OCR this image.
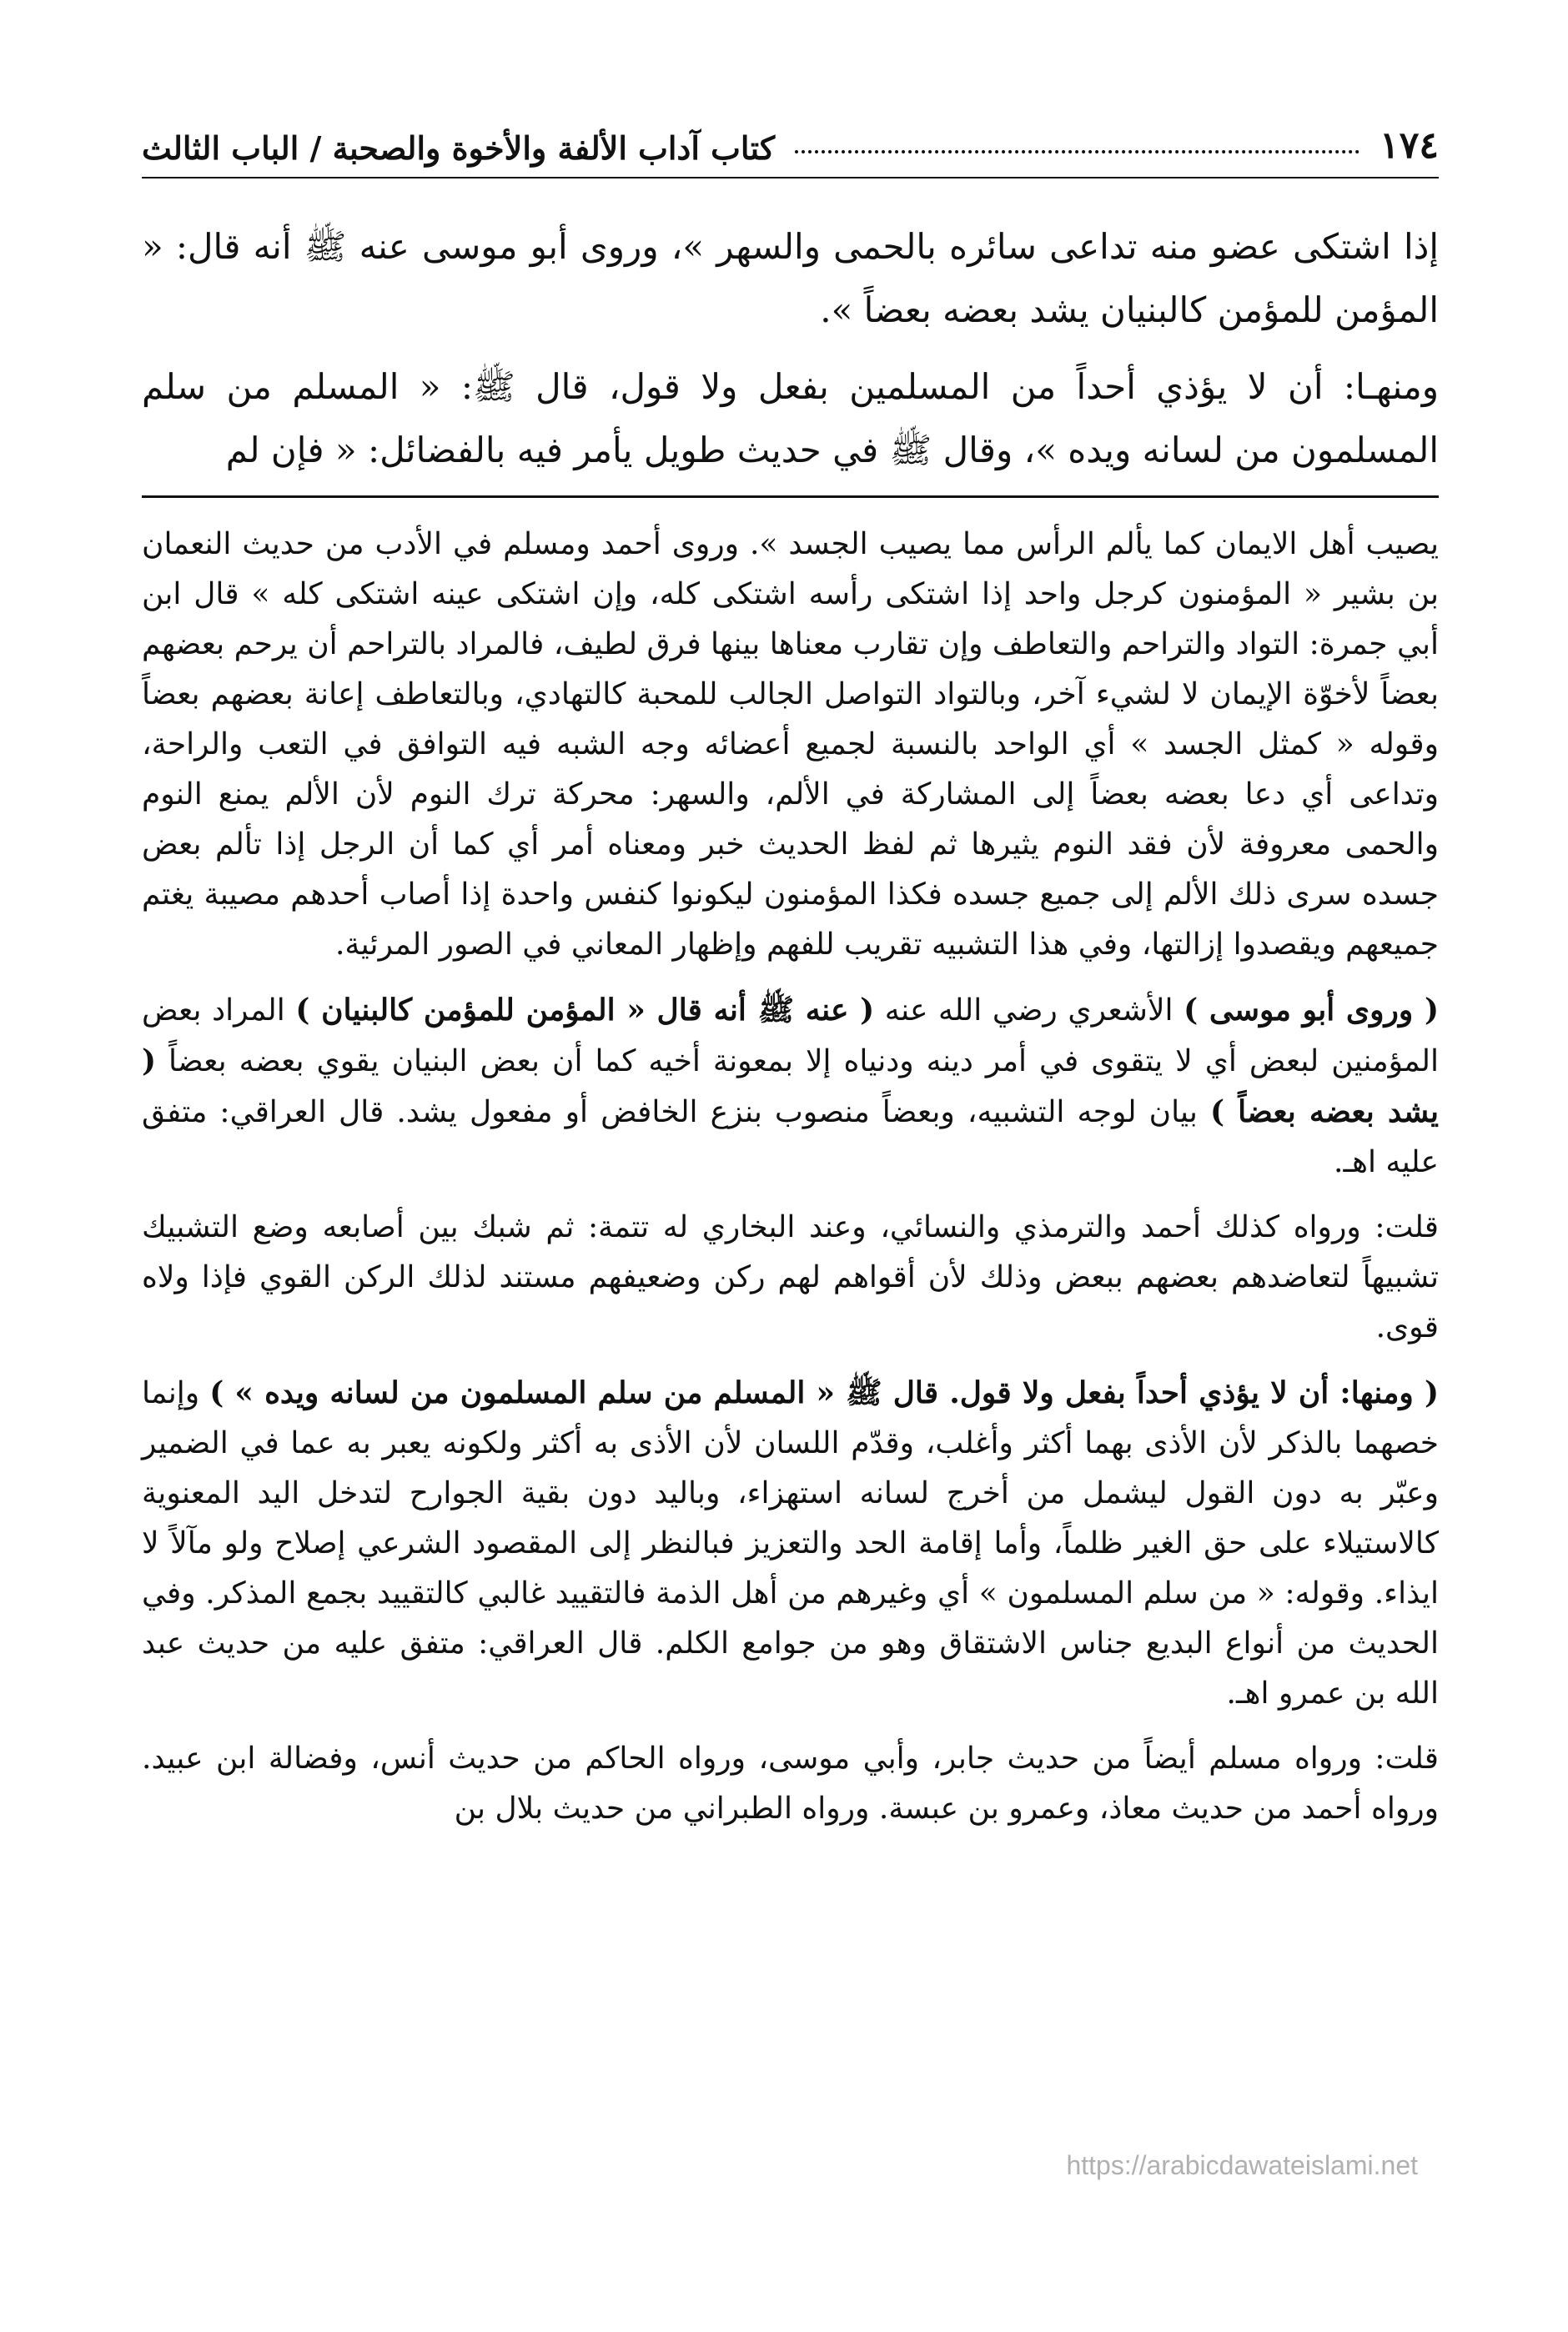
١٧٤
كتاب آداب الألفة والأخوة والصحبة / الباب الثالث

إذا اشتكى عضو منه تداعى سائره بالحمى والسهر »، وروى أبو موسى عنه ﷺ أنه قال: « المؤمن للمؤمن كالبنيان يشد بعضه بعضاً ».

ومنهـا: أن لا يؤذي أحداً من المسلمين بفعل ولا قول، قال ﷺ: « المسلم من سلم المسلمون من لسانه ويده »، وقال ﷺ في حديث طويل يأمر فيه بالفضائل: « فإن لم

يصيب أهل الايمان كما يألم الرأس مما يصيب الجسد ». وروى أحمد ومسلم في الأدب من حديث النعمان بن بشير « المؤمنون كرجل واحد إذا اشتكى رأسه اشتكى كله، وإن اشتكى عينه اشتكى كله » قال ابن أبي جمرة: التواد والتراحم والتعاطف وإن تقارب معناها بينها فرق لطيف، فالمراد بالتراحم أن يرحم بعضهم بعضاً لأخوّة الإيمان لا لشيء آخر، وبالتواد التواصل الجالب للمحبة كالتهادي، وبالتعاطف إعانة بعضهم بعضاً وقوله « كمثل الجسد » أي الواحد بالنسبة لجميع أعضائه وجه الشبه فيه التوافق في التعب والراحة، وتداعى أي دعا بعضه بعضاً إلى المشاركة في الألم، والسهر: محركة ترك النوم لأن الألم يمنع النوم والحمى معروفة لأن فقد النوم يثيرها ثم لفظ الحديث خبر ومعناه أمر أي كما أن الرجل إذا تألم بعض جسده سرى ذلك الألم إلى جميع جسده فكذا المؤمنون ليكونوا كنفس واحدة إذا أصاب أحدهم مصيبة يغتم جميعهم ويقصدوا إزالتها، وفي هذا التشبيه تقريب للفهم وإظهار المعاني في الصور المرئية.

( وروى أبو موسى ) الأشعري رضي الله عنه ( عنه ﷺ أنه قال « المؤمن للمؤمن كالبنيان ) المراد بعض المؤمنين لبعض أي لا يتقوى في أمر دينه ودنياه إلا بمعونة أخيه كما أن بعض البنيان يقوي بعضه بعضاً ( يشد بعضه بعضاً ) بيان لوجه التشبيه، وبعضاً منصوب بنزع الخافض أو مفعول يشد. قال العراقي: متفق عليه اهـ.

قلت: ورواه كذلك أحمد والترمذي والنسائي، وعند البخاري له تتمة: ثم شبك بين أصابعه وضع التشبيك تشبيهاً لتعاضدهم بعضهم ببعض وذلك لأن أقواهم لهم ركن وضعيفهم مستند لذلك الركن القوي فإذا ولاه قوى.

( ومنها: أن لا يؤذي أحداً بفعل ولا قول. قال ﷺ « المسلم من سلم المسلمون من لسانه ويده » ) وإنما خصهما بالذكر لأن الأذى بهما أكثر وأغلب، وقدّم اللسان لأن الأذى به أكثر ولكونه يعبر به عما في الضمير وعبّر به دون القول ليشمل من أخرج لسانه استهزاء، وباليد دون بقية الجوارح لتدخل اليد المعنوية كالاستيلاء على حق الغير ظلماً، وأما إقامة الحد والتعزيز فبالنظر إلى المقصود الشرعي إصلاح ولو مآلاً لا ايذاء. وقوله: « من سلم المسلمون » أي وغيرهم من أهل الذمة فالتقييد غالبي كالتقييد بجمع المذكر. وفي الحديث من أنواع البديع جناس الاشتقاق وهو من جوامع الكلم. قال العراقي: متفق عليه من حديث عبد الله بن عمرو اهـ.

قلت: ورواه مسلم أيضاً من حديث جابر، وأبي موسى، ورواه الحاكم من حديث أنس، وفضالة ابن عبيد. ورواه أحمد من حديث معاذ، وعمرو بن عبسة. ورواه الطبراني من حديث بلال بن

https://arabicdawateislami.net
